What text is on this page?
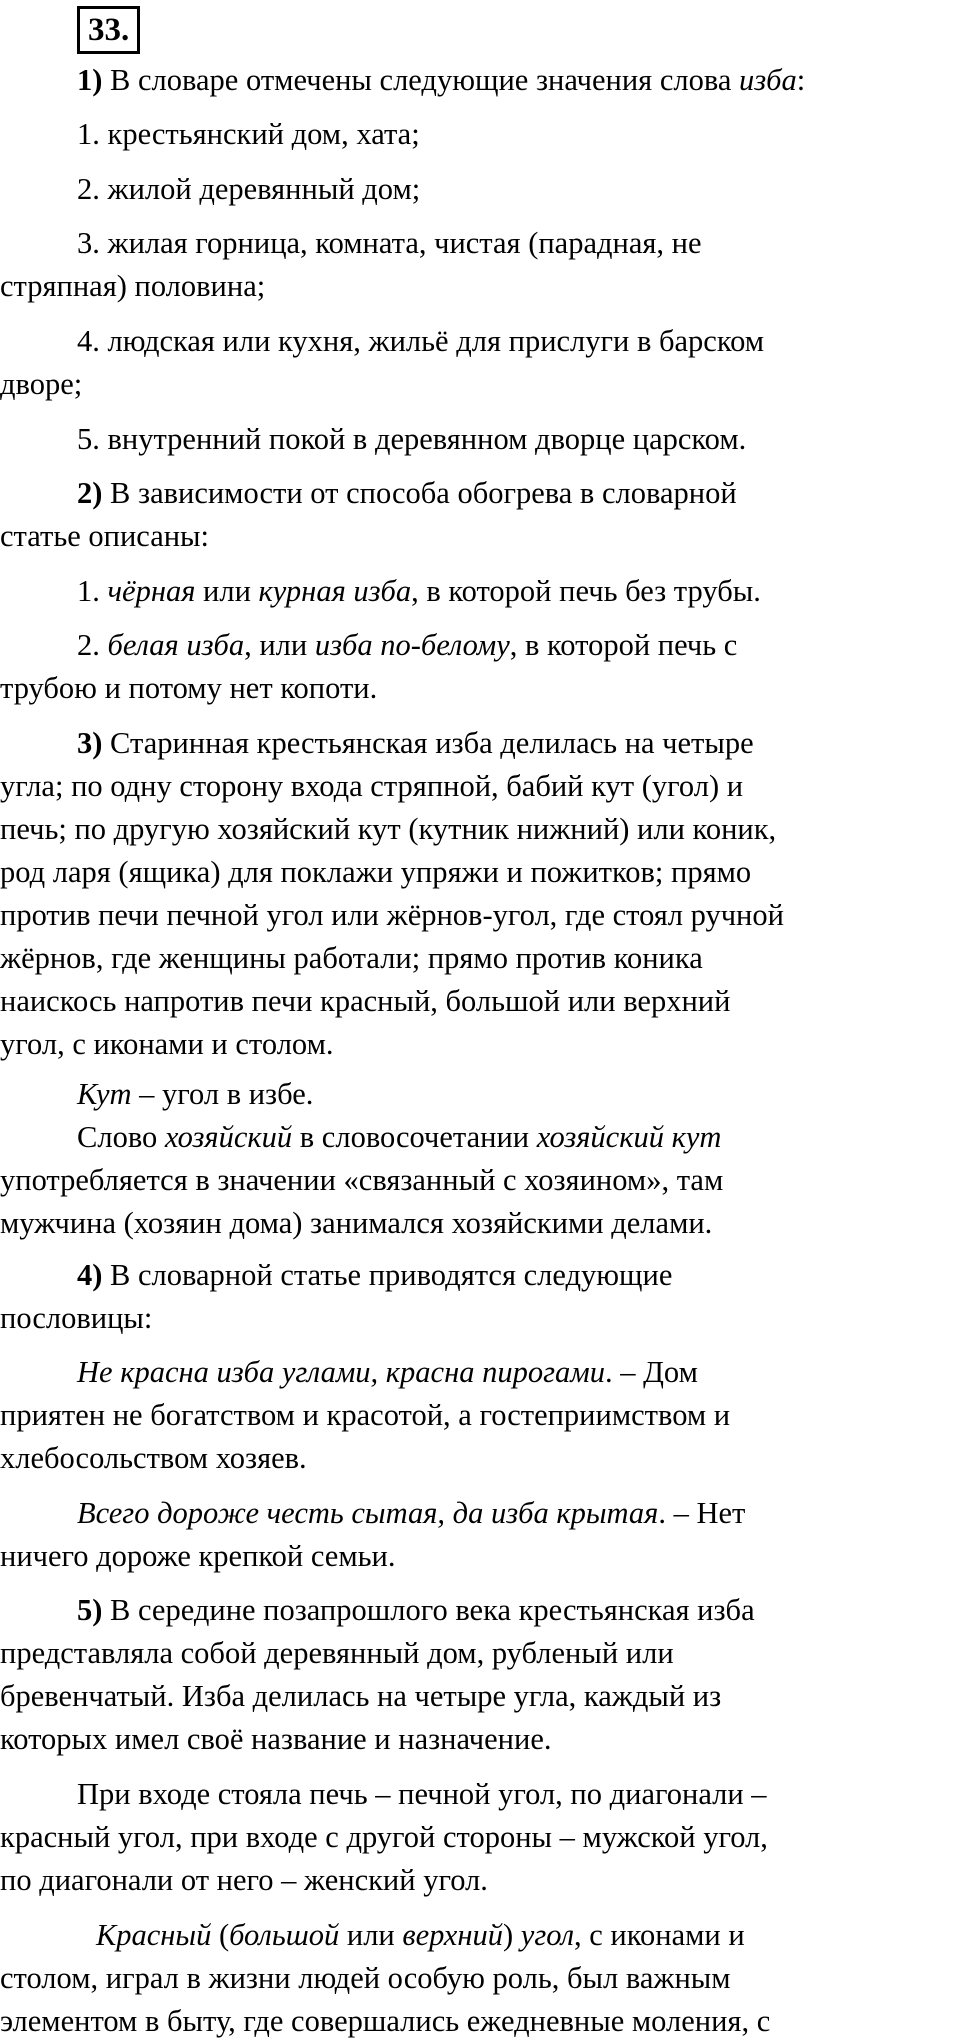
33.

1) В словаре отмечены следующие значения слова изба:

1. крестьянский дом, хата;

2. жилой деревянный дом;

3. жилая горница, комната, чистая (парадная, не
стряпная) половина;

4. людская или кухня, жильё для прислуги в барском
дворе;

5. внутренний покой в деревянном дворце царском.

2) В зависимости от способа обогрева в словарной
статье описаны:

1. чёрная или курная изба, в которой печь без трубы.

2. белая изба, или изба по-белому, в которой печь с
трубою и потому нет копоти.

3) Старинная крестьянская изба делилась на четыре
угла; по одну сторону входа стряпной, бабий кут (угол) и
печь; по другую хозяйский кут (кутник нижний) или коник,
род ларя (ящика) для поклажи упряжи и пожитков; прямо
против печи печной угол или жёрнов-угол, где стоял ручной
жёрнов, где женщины работали; прямо против коника
наискось напротив печи красный, большой или верхний
угол, с иконами и столом.

Кут – угол в избе.
Слово хозяйский в словосочетании хозяйский кут
употребляется в значении «связанный с хозяином», там
мужчина (хозяин дома) занимался хозяйскими делами.

4) В словарной статье приводятся следующие
пословицы:

Не красна изба углами, красна пирогами. – Дом
приятен не богатством и красотой, а гостеприимством и
хлебосольством хозяев.

Всего дороже честь сытая, да изба крытая. – Нет
ничего дороже крепкой семьи.

5) В середине позапрошлого века крестьянская изба
представляла собой деревянный дом, рубленый или
бревенчатый. Изба делилась на четыре угла, каждый из
которых имел своё название и назначение.

При входе стояла печь – печной угол, по диагонали –
красный угол, при входе с другой стороны – мужской угол,
по диагонали от него – женский угол.

Красный (большой или верхний) угол, с иконами и
столом, играл в жизни людей особую роль, был важным
элементом в быту, где совершались ежедневные моления, с
